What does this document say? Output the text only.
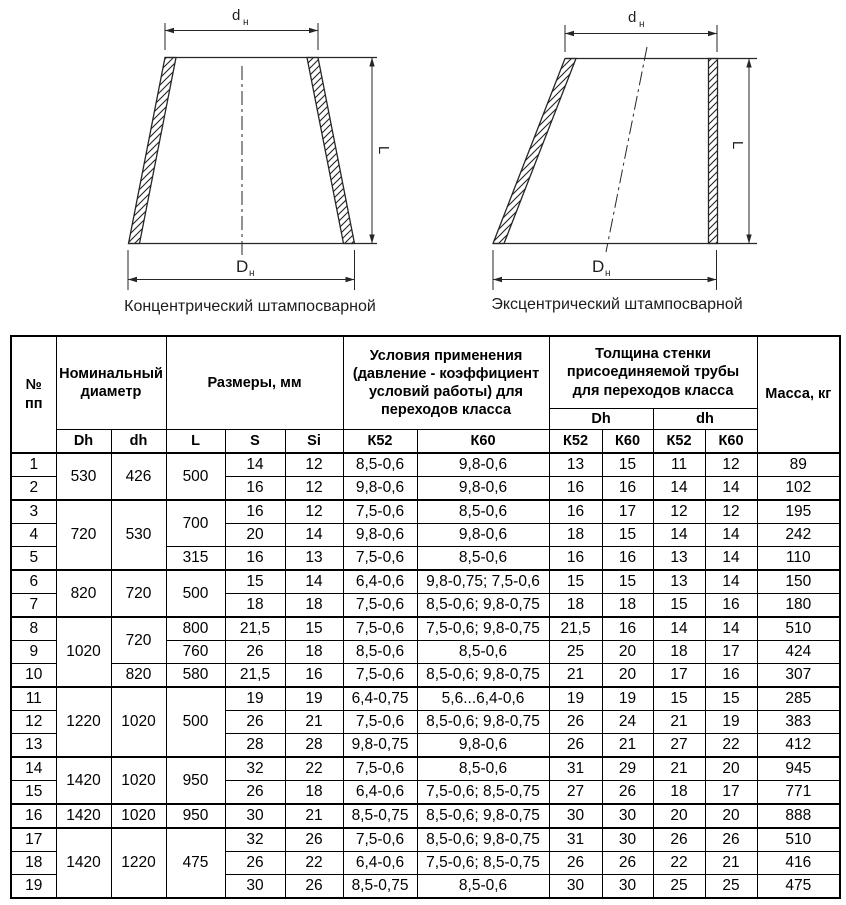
d н
L
D н
Концентрический штампосварной
d н
L
D н
Эксцентрический штампосварной
№
пп	Номинальный диаметр		Размеры, мм			Условия применения (давление - коэффициент условий работы) для переходов класса		Толщина стенки присоединяемой трубы для переходов класса				Масса, кг
								Dh		dh		
	Dh	dh	L	S	Si	К52	К60	К52	К60	К52	К60	
1	530	426	500	14	12	8,5-0,6	9,8-0,6	13	15	11	12	89
2				16	12	9,8-0,6	9,8-0,6	16	16	14	14	102
3	720	530	700	16	12	7,5-0,6	8,5-0,6	16	17	12	12	195
4				20	14	9,8-0,6	9,8-0,6	18	15	14	14	242
5			315	16	13	7,5-0,6	8,5-0,6	16	16	13	14	110
6	820	720	500	15	14	6,4-0,6	9,8-0,75; 7,5-0,6	15	15	13	14	150
7				18	18	7,5-0,6	8,5-0,6; 9,8-0,75	18	18	15	16	180
8	1020	720	800	21,5	15	7,5-0,6	7,5-0,6; 9,8-0,75	21,5	16	14	14	510
9			760	26	18	8,5-0,6	8,5-0,6	25	20	18	17	424
10		820	580	21,5	16	7,5-0,6	8,5-0,6; 9,8-0,75	21	20	17	16	307
11	1220	1020	500	19	19	6,4-0,75	5,6...6,4-0,6	19	19	15	15	285
12				26	21	7,5-0,6	8,5-0,6; 9,8-0,75	26	24	21	19	383
13				28	28	9,8-0,75	9,8-0,6	26	21	27	22	412
14	1420	1020	950	32	22	7,5-0,6	8,5-0,6	31	29	21	20	945
15				26	18	6,4-0,6	7,5-0,6; 8,5-0,75	27	26	18	17	771
16	1420	1020	950	30	21	8,5-0,75	8,5-0,6; 9,8-0,75	30	30	20	20	888
17	1420	1220	475	32	26	7,5-0,6	8,5-0,6; 9,8-0,75	31	30	26	26	510
18				26	22	6,4-0,6	7,5-0,6; 8,5-0,75	26	26	22	21	416
19				30	26	8,5-0,75	8,5-0,6	30	30	25	25	475
